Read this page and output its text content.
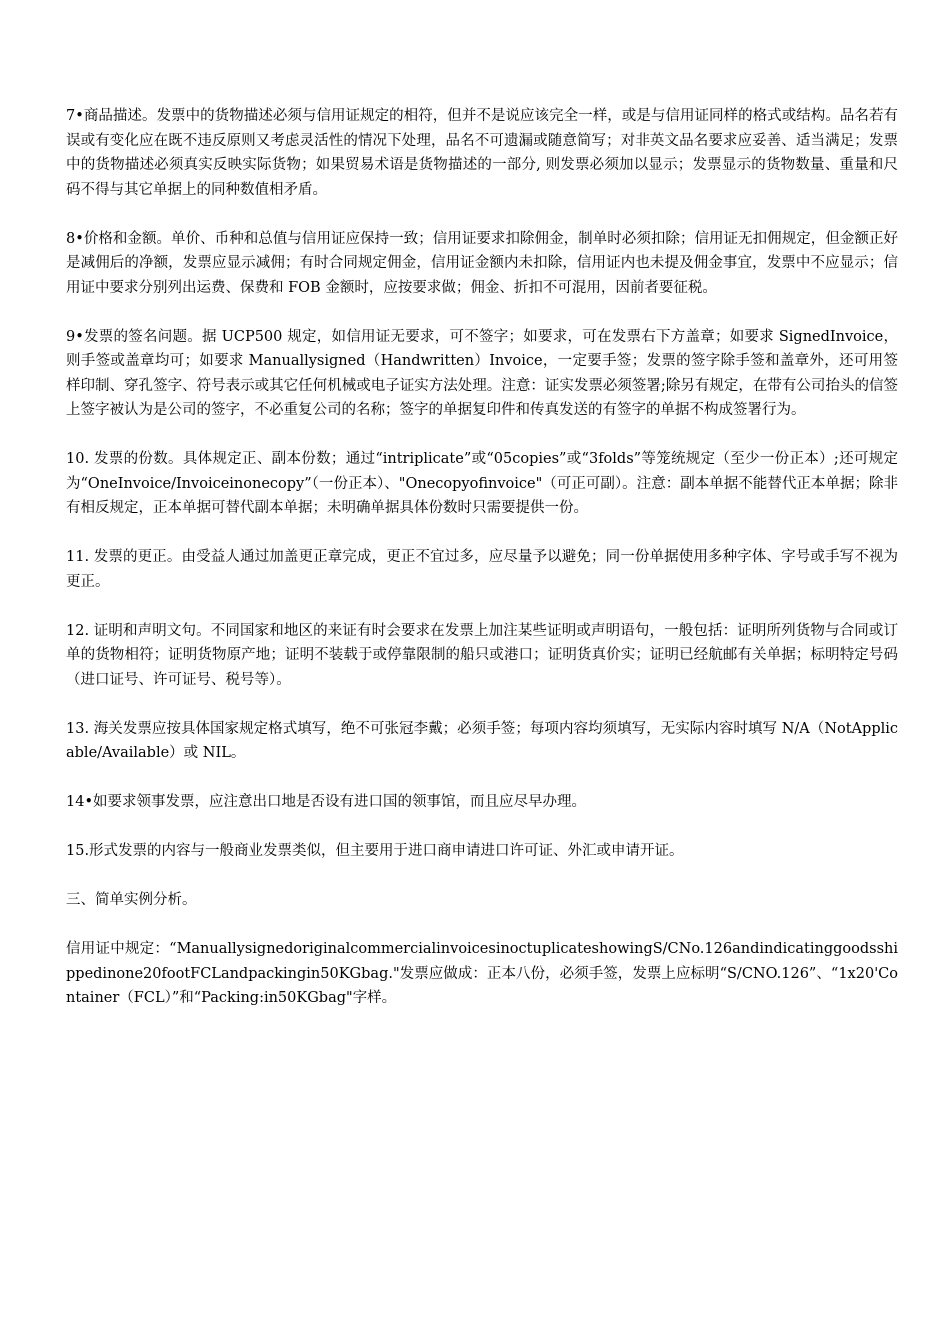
7•商品描述。发票中的货物描述必须与信用证规定的相符，但并不是说应该完全一样，或是与信用证同样的格式或结构。品名若有误或有变化应在既不违反原则又考虑灵活性的情况下处理，品名不可遗漏或随意简写；对非英文品名要求应妥善、适当满足；发票中的货物描述必须真实反映实际货物；如果贸易术语是货物描述的一部分, 则发票必须加以显示；发票显示的货物数量、重量和尺码不得与其它单据上的同种数值相矛盾。

8•价格和金额。单价、币种和总值与信用证应保持一致；信用证要求扣除佣金，制单时必须扣除；信用证无扣佣规定，但金额正好是减佣后的净额，发票应显示减佣；有时合同规定佣金，信用证金额内未扣除，信用证内也未提及佣金事宜，发票中不应显示；信用证中要求分别列出运费、保费和 FOB 金额时，应按要求做；佣金、折扣不可混用，因前者要征税。

9•发票的签名问题。据 UCP500 规定，如信用证无要求，可不签字；如要求，可在发票右下方盖章；如要求 SignedInvoice，则手签或盖章均可；如要求 Manuallysigned（Handwritten）Invoice，一定要手签；发票的签字除手签和盖章外，还可用签样印制、穿孔签字、符号表示或其它任何机械或电子证实方法处理。注意：证实发票必须签署;除另有规定，在带有公司抬头的信签上签字被认为是公司的签字，不必重复公司的名称；签字的单据复印件和传真发送的有签字的单据不构成签署行为。

10. 发票的份数。具体规定正、副本份数；通过“intriplicate”或“05copies”或“3folds”等笼统规定（至少一份正本）;还可规定为“OneInvoice/Invoiceinonecopy”（一份正本）、"Onecopyofinvoice"（可正可副）。注意：副本单据不能替代正本单据；除非有相反规定，正本单据可替代副本单据；未明确单据具体份数时只需要提供一份。

11. 发票的更正。由受益人通过加盖更正章完成，更正不宜过多，应尽量予以避免；同一份单据使用多种字体、字号或手写不视为更正。

12. 证明和声明文句。不同国家和地区的来证有时会要求在发票上加注某些证明或声明语句，一般包括：证明所列货物与合同或订单的货物相符；证明货物原产地；证明不装载于或停靠限制的船只或港口；证明货真价实；证明已经航邮有关单据；标明特定号码（进口证号、许可证号、税号等）。

13. 海关发票应按具体国家规定格式填写，绝不可张冠李戴；必须手签；每项内容均须填写，无实际内容时填写 N/A（NotApplicable/Available）或 NIL。

14•如要求领事发票，应注意出口地是否设有进口国的领事馆，而且应尽早办理。

15.形式发票的内容与一般商业发票类似，但主要用于进口商申请进口许可证、外汇或申请开证。

三、简单实例分析。

信用证中规定：“ManuallysignedoriginalcommercialinvoicesinoctuplicateshowingS/CNo.126andindicatinggoodsshippedinone20footFCLandpackingin50KGbag."发票应做成：正本八份，必须手签，发票上应标明“S/CNO.126”、“1x20'Container（FCL）”和“Packing:in50KGbag"字样。
